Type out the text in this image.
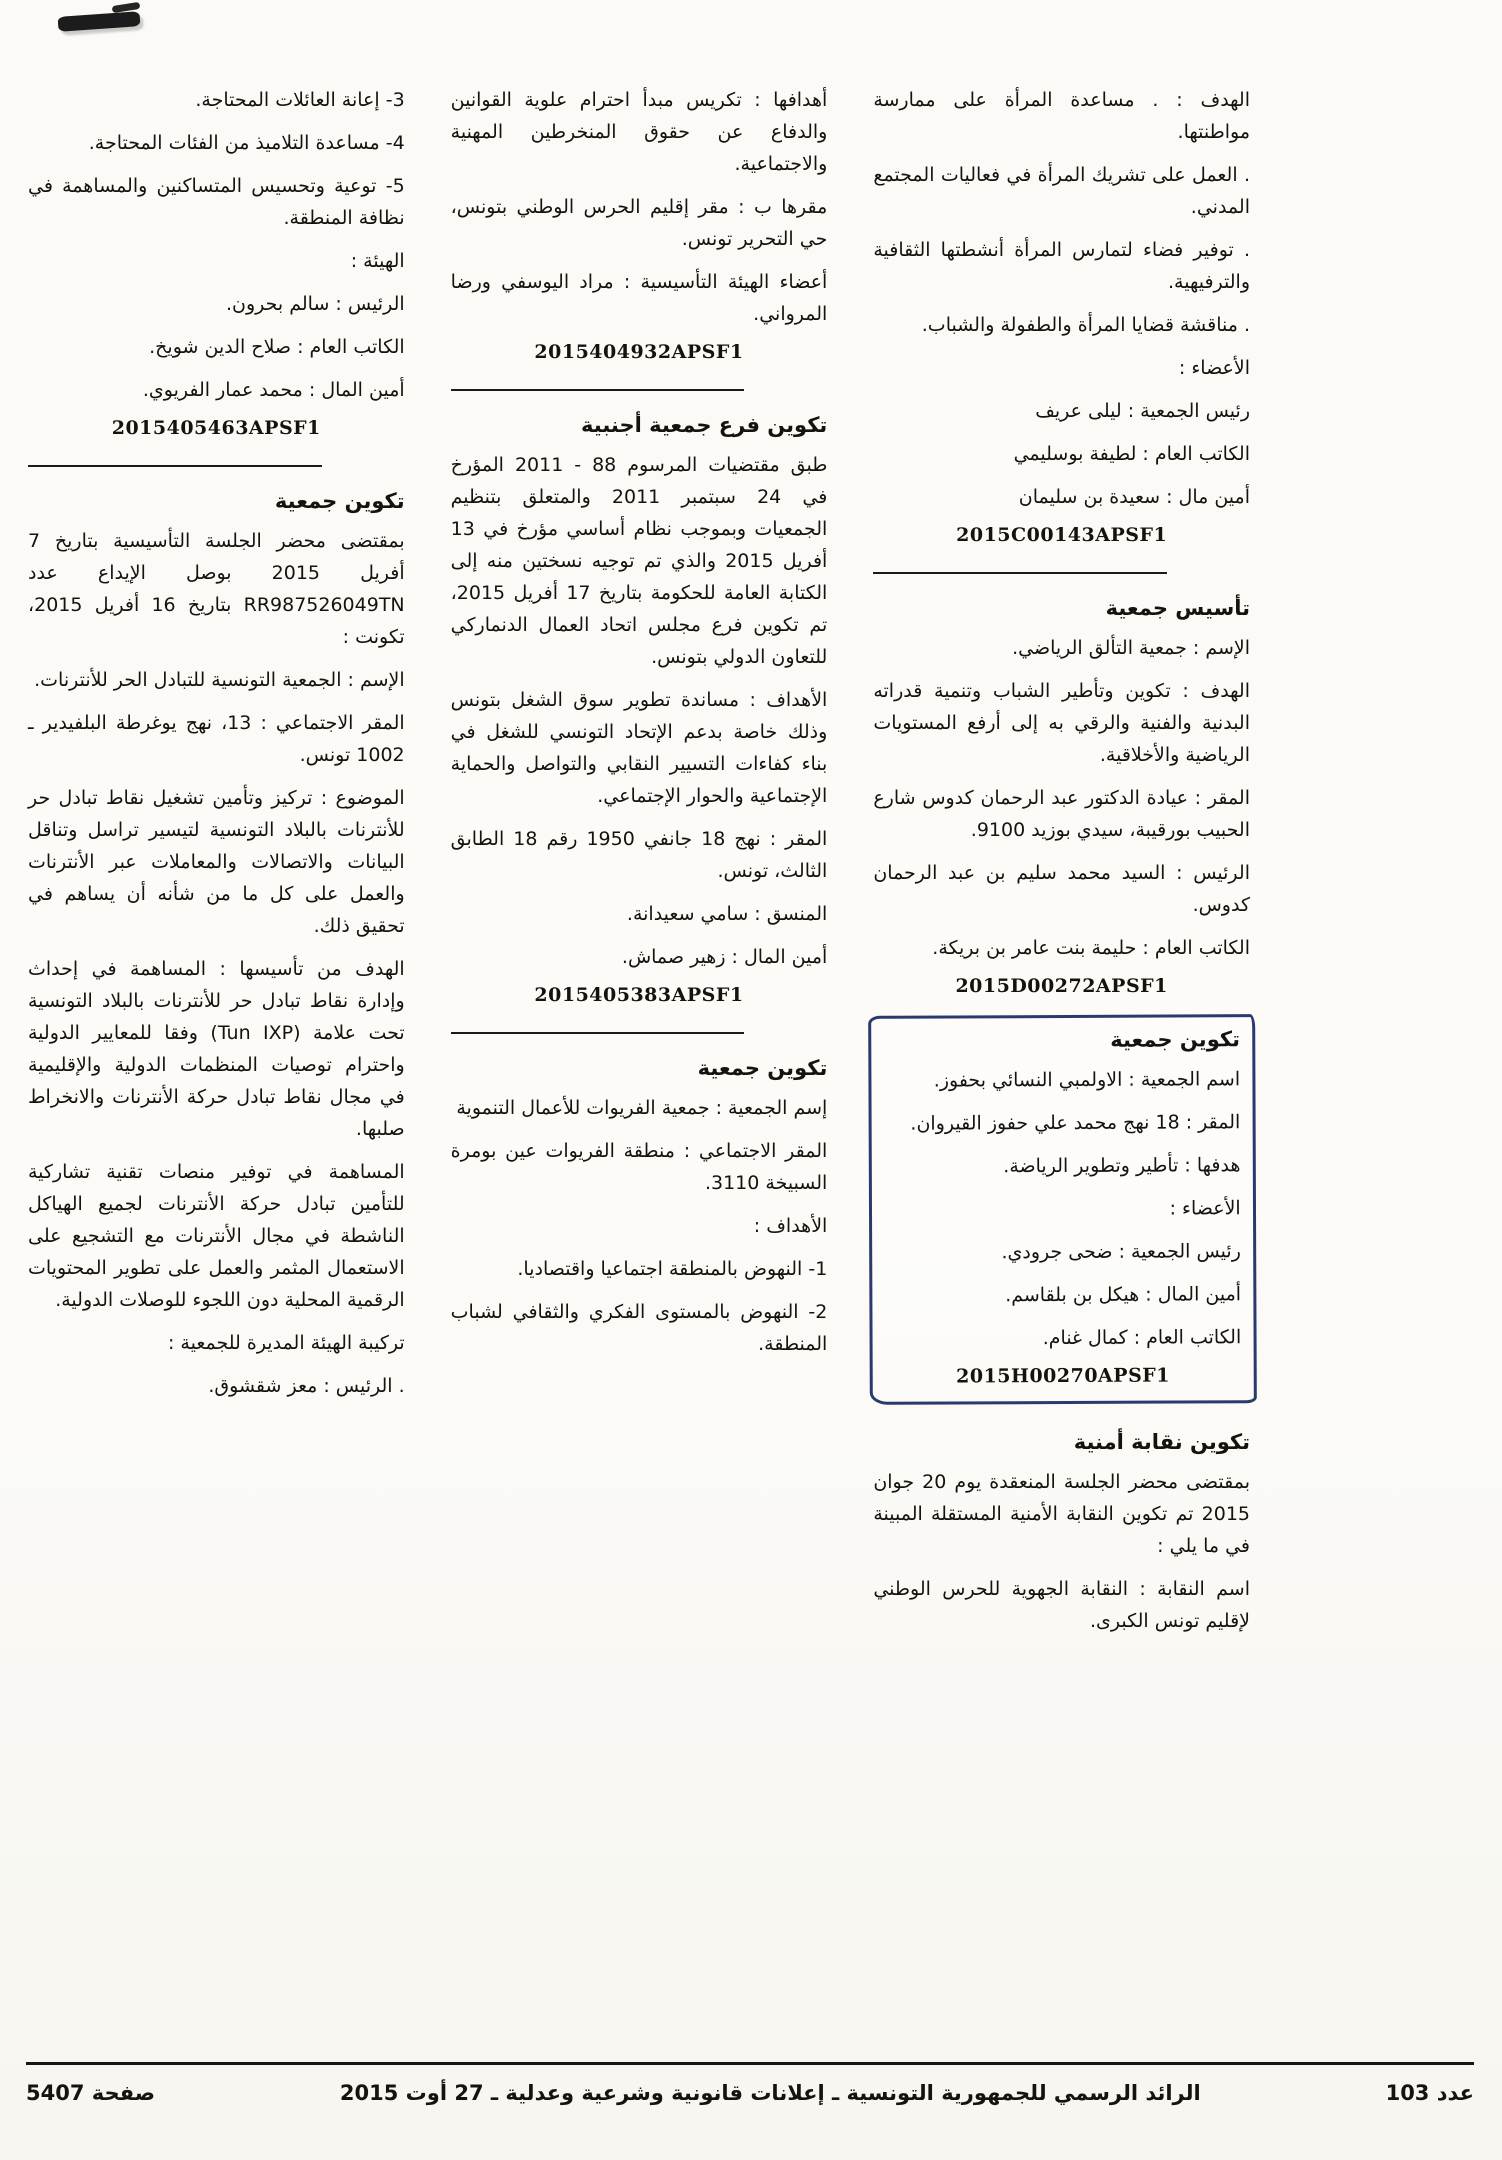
الهدف : . مساعدة المرأة على ممارسة مواطنتها.
. العمل على تشريك المرأة في فعاليات المجتمع المدني.
. توفير فضاء لتمارس المرأة أنشطتها الثقافية والترفيهية.
. مناقشة قضايا المرأة والطفولة والشباب.
الأعضاء :
رئيس الجمعية : ليلى عريف
الكاتب العام : لطيفة بوسليمي
أمين مال : سعيدة بن سليمان
2015C00143APSF1
تأسيس جمعية
الإسم : جمعية التألق الرياضي.
الهدف : تكوين وتأطير الشباب وتنمية قدراته البدنية والفنية والرقي به إلى أرفع المستويات الرياضية والأخلاقية.
المقر : عيادة الدكتور عبد الرحمان كدوس شارع الحبيب بورقيبة، سيدي بوزيد 9100.
الرئيس : السيد محمد سليم بن عبد الرحمان كدوس.
الكاتب العام : حليمة بنت عامر بن بريكة.
2015D00272APSF1
تكوين جمعية
اسم الجمعية : الاولمبي النسائي بحفوز.
المقر : 18 نهج محمد علي حفوز القيروان.
هدفها : تأطير وتطوير الرياضة.
الأعضاء :
رئيس الجمعية : ضحى جرودي.
أمين المال : هيكل بن بلقاسم.
الكاتب العام : كمال غنام.
2015H00270APSF1
تكوين نقابة أمنية
بمقتضى محضر الجلسة المنعقدة يوم 20 جوان 2015 تم تكوين النقابة الأمنية المستقلة المبينة في ما يلي :
اسم النقابة : النقابة الجهوية للحرس الوطني لإقليم تونس الكبرى.
أهدافها : تكريس مبدأ احترام علوية القوانين والدفاع عن حقوق المنخرطين المهنية والاجتماعية.
مقرها ب : مقر إقليم الحرس الوطني بتونس، حي التحرير تونس.
أعضاء الهيئة التأسيسية : مراد اليوسفي ورضا المرواني.
2015404932APSF1
تكوين فرع جمعية أجنبية
طبق مقتضيات المرسوم 88 - 2011 المؤرخ في 24 سبتمبر 2011 والمتعلق بتنظيم الجمعيات وبموجب نظام أساسي مؤرخ في 13 أفريل 2015 والذي تم توجيه نسختين منه إلى الكتابة العامة للحكومة بتاريخ 17 أفريل 2015، تم تكوين فرع مجلس اتحاد العمال الدنماركي للتعاون الدولي بتونس.
الأهداف : مساندة تطوير سوق الشغل بتونس وذلك خاصة بدعم الإتحاد التونسي للشغل في بناء كفاءات التسيير النقابي والتواصل والحماية الإجتماعية والحوار الإجتماعي.
المقر : نهج 18 جانفي 1950 رقم 18 الطابق الثالث، تونس.
المنسق : سامي سعيدانة.
أمين المال : زهير صماش.
2015405383APSF1
تكوين جمعية
إسم الجمعية : جمعية الفريوات للأعمال التنموية
المقر الاجتماعي : منطقة الفريوات عين بومرة السبيخة 3110.
الأهداف :
1- النهوض بالمنطقة اجتماعيا واقتصاديا.
2- النهوض بالمستوى الفكري والثقافي لشباب المنطقة.
3- إعانة العائلات المحتاجة.
4- مساعدة التلاميذ من الفئات المحتاجة.
5- توعية وتحسيس المتساكنين والمساهمة في نظافة المنطقة.
الهيئة :
الرئيس : سالم بحرون.
الكاتب العام : صلاح الدين شويخ.
أمين المال : محمد عمار الفريوي.
2015405463APSF1
تكوين جمعية
بمقتضى محضر الجلسة التأسيسية بتاريخ 7 أفريل 2015 بوصل الإيداع عدد RR987526049TN بتاريخ 16 أفريل 2015، تكونت :
الإسم : الجمعية التونسية للتبادل الحر للأنترنات.
المقر الاجتماعي : 13، نهج يوغرطة البلفيدير ـ 1002 تونس.
الموضوع : تركيز وتأمين تشغيل نقاط تبادل حر للأنترنات بالبلاد التونسية لتيسير تراسل وتناقل البيانات والاتصالات والمعاملات عبر الأنترنات والعمل على كل ما من شأنه أن يساهم في تحقيق ذلك.
الهدف من تأسيسها : المساهمة في إحداث وإدارة نقاط تبادل حر للأنترنات بالبلاد التونسية تحت علامة (Tun IXP) وفقا للمعايير الدولية واحترام توصيات المنظمات الدولية والإقليمية في مجال نقاط تبادل حركة الأنترنات والانخراط صلبها.
المساهمة في توفير منصات تقنية تشاركية للتأمين تبادل حركة الأنترنات لجميع الهياكل الناشطة في مجال الأنترنات مع التشجيع على الاستعمال المثمر والعمل على تطوير المحتويات الرقمية المحلية دون اللجوء للوصلات الدولية.
تركيبة الهيئة المديرة للجمعية :
. الرئيس : معز شقشوق.
عدد 103
الرائد الرسمي للجمهورية التونسية ـ إعلانات قانونية وشرعية وعدلية ـ 27 أوت 2015
صفحة 5407
